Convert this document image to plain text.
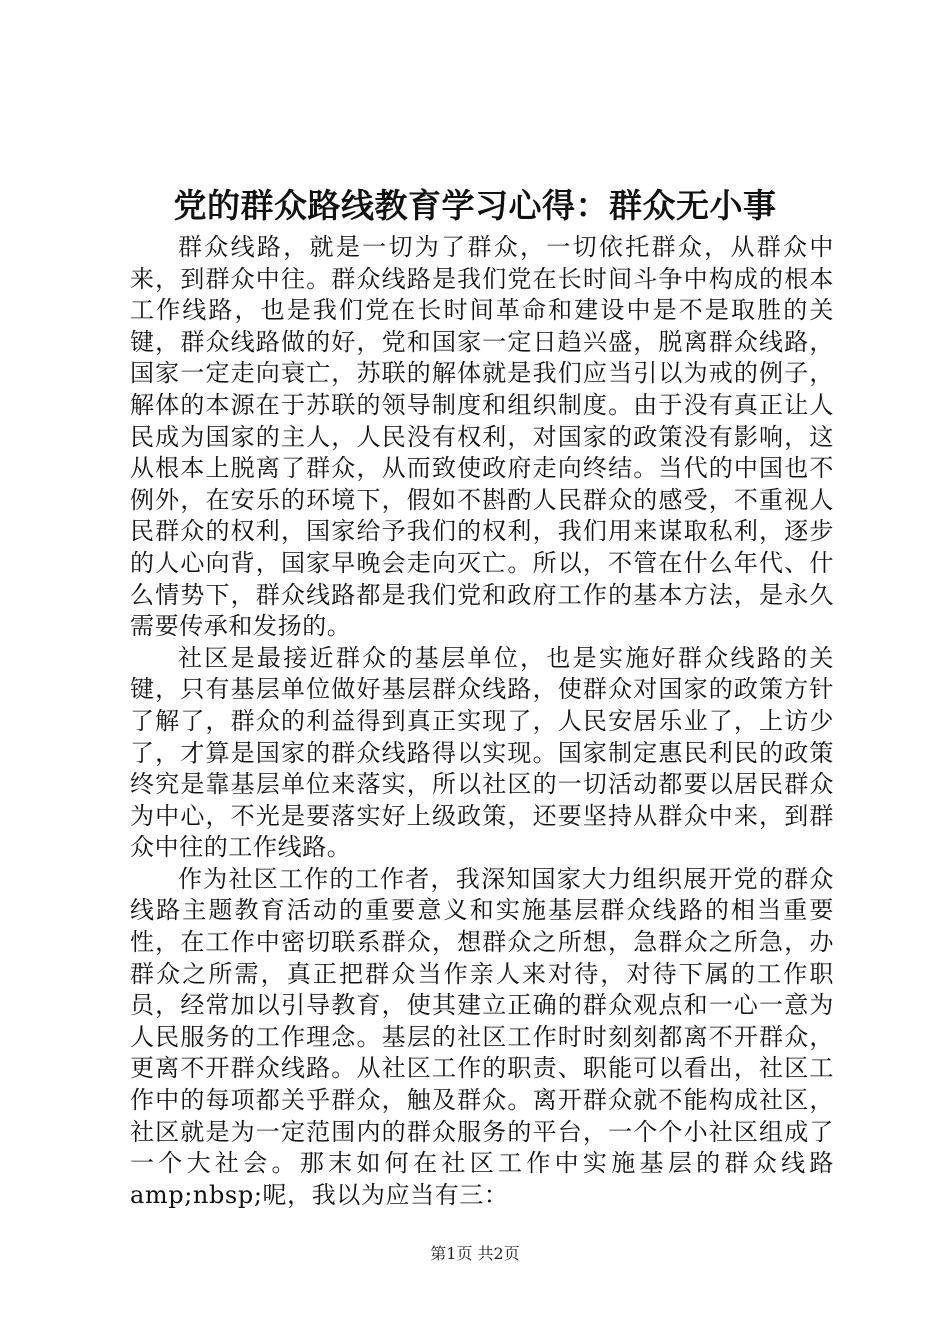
党的群众路线教育学习心得：群众无小事

群众线路，就是一切为了群众，一切依托群众，从群众中来，到群众中往。群众线路是我们党在长时间斗争中构成的根本工作线路，也是我们党在长时间革命和建设中是不是取胜的关键，群众线路做的好，党和国家一定日趋兴盛，脱离群众线路，国家一定走向衰亡，苏联的解体就是我们应当引以为戒的例子，解体的本源在于苏联的领导制度和组织制度。由于没有真正让人民成为国家的主人，人民没有权利，对国家的政策没有影响，这从根本上脱离了群众，从而致使政府走向终结。当代的中国也不例外，在安乐的环境下，假如不斟酌人民群众的感受，不重视人民群众的权利，国家给予我们的权利，我们用来谋取私利，逐步的人心向背，国家早晚会走向灭亡。所以，不管在什么年代、什么情势下，群众线路都是我们党和政府工作的基本方法，是永久需要传承和发扬的。

社区是最接近群众的基层单位，也是实施好群众线路的关键，只有基层单位做好基层群众线路，使群众对国家的政策方针了解了，群众的利益得到真正实现了，人民安居乐业了，上访少了，才算是国家的群众线路得以实现。国家制定惠民利民的政策终究是靠基层单位来落实，所以社区的一切活动都要以居民群众为中心，不光是要落实好上级政策，还要坚持从群众中来，到群众中往的工作线路。

作为社区工作的工作者，我深知国家大力组织展开党的群众线路主题教育活动的重要意义和实施基层群众线路的相当重要性，在工作中密切联系群众，想群众之所想，急群众之所急，办群众之所需，真正把群众当作亲人来对待，对待下属的工作职员，经常加以引导教育，使其建立正确的群众观点和一心一意为人民服务的工作理念。基层的社区工作时时刻刻都离不开群众，更离不开群众线路。从社区工作的职责、职能可以看出，社区工作中的每项都关乎群众，触及群众。离开群众就不能构成社区，社区就是为一定范围内的群众服务的平台，一个个小社区组成了一个大社会。那末如何在社区工作中实施基层的群众线路amp;nbsp;呢，我以为应当有三：

第1页 共2页
